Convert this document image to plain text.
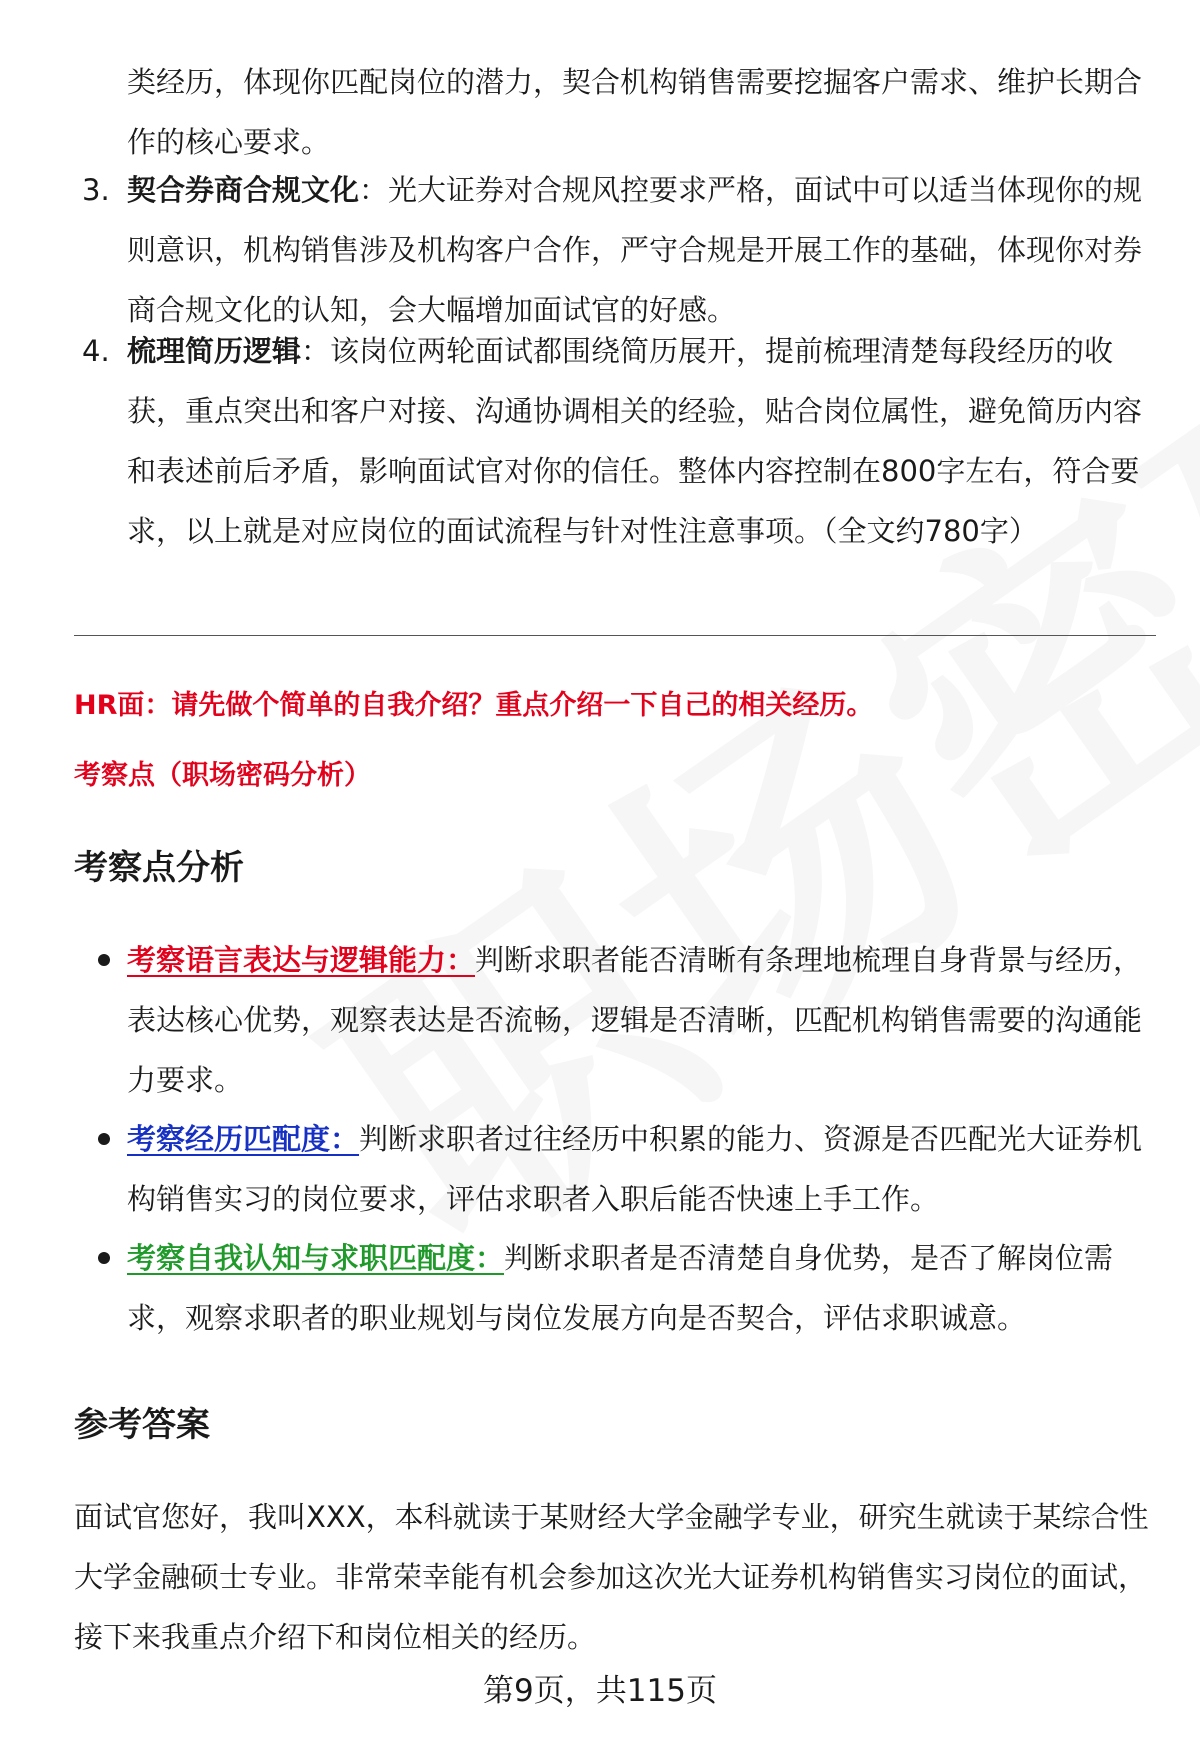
类经历，体现你匹配岗位的潜力，契合机构销售需要挖掘客户需求、维护长期合作的核心要求。
3. 契合券商合规文化：光大证券对合规风控要求严格，面试中可以适当体现你的规则意识，机构销售涉及机构客户合作，严守合规是开展工作的基础，体现你对券商合规文化的认知，会大幅增加面试官的好感。
4. 梳理简历逻辑：该岗位两轮面试都围绕简历展开，提前梳理清楚每段经历的收获，重点突出和客户对接、沟通协调相关的经验，贴合岗位属性，避免简历内容和表述前后矛盾，影响面试官对你的信任。整体内容控制在800字左右，符合要求，以上就是对应岗位的面试流程与针对性注意事项。（全文约780字）
HR面：请先做个简单的自我介绍？重点介绍一下自己的相关经历。
考察点（职场密码分析）
考察点分析
考察语言表达与逻辑能力：判断求职者能否清晰有条理地梳理自身背景与经历，表达核心优势，观察表达是否流畅，逻辑是否清晰，匹配机构销售需要的沟通能力要求。
考察经历匹配度：判断求职者过往经历中积累的能力、资源是否匹配光大证券机构销售实习的岗位要求，评估求职者入职后能否快速上手工作。
考察自我认知与求职匹配度：判断求职者是否清楚自身优势，是否了解岗位需求，观察求职者的职业规划与岗位发展方向是否契合，评估求职诚意。
参考答案
面试官您好，我叫XXX，本科就读于某财经大学金融学专业，研究生就读于某综合性大学金融硕士专业。非常荣幸能有机会参加这次光大证券机构销售实习岗位的面试，接下来我重点介绍下和岗位相关的经历。
第9页，共115页
